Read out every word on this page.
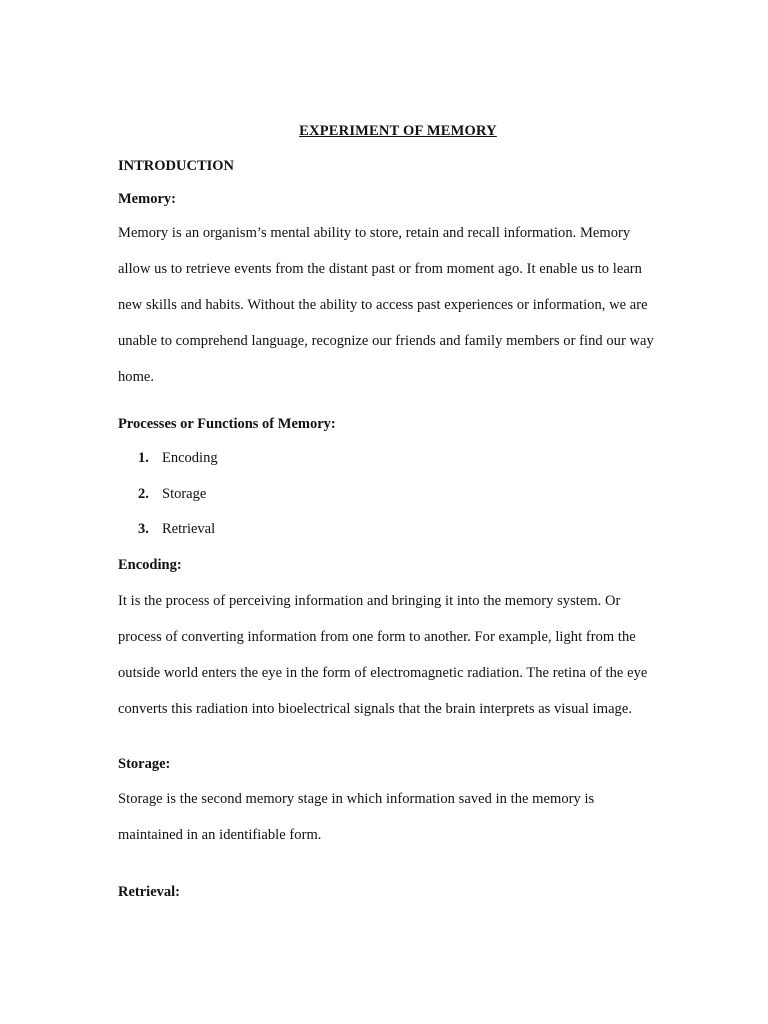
EXPERIMENT OF MEMORY
INTRODUCTION
Memory:
Memory is an organism’s mental ability to store, retain and recall information. Memory
allow us to retrieve events from the distant past or from moment ago. It enable us to learn
new skills and habits. Without the ability to access past experiences or information, we are
unable to comprehend language, recognize our friends and family members or find our way
home.
Processes or Functions of Memory:
1. Encoding
2. Storage
3. Retrieval
Encoding:
It is the process of perceiving information and bringing it into the memory system. Or
process of converting information from one form to another. For example, light from the
outside world enters the eye in the form of electromagnetic radiation. The retina of the eye
converts this radiation into bioelectrical signals that the brain interprets as visual image.
Storage:
Storage is the second memory stage in which information saved in the memory is
maintained in an identifiable form.
Retrieval:
